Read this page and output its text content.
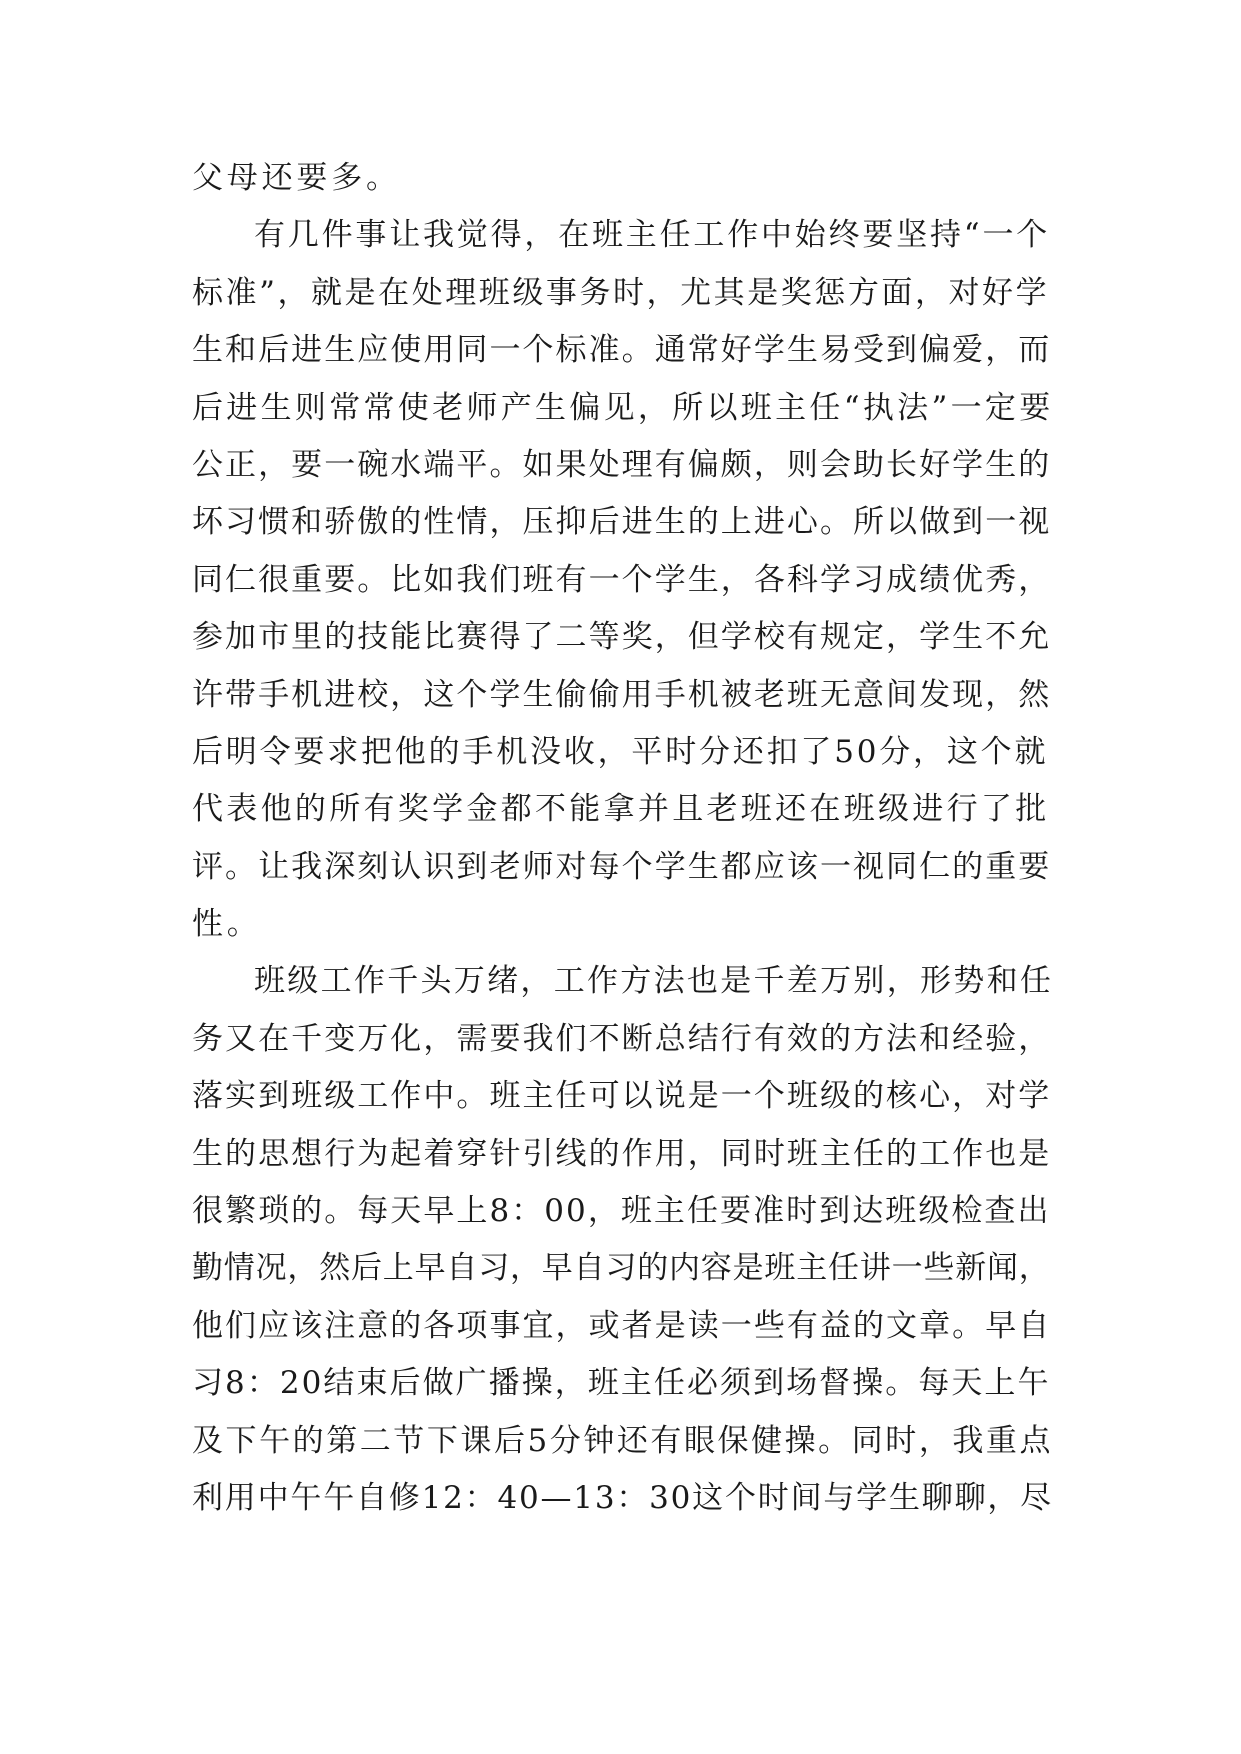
父母还要多。
有几件事让我觉得，在班主任工作中始终要坚持“一个
标准”，就是在处理班级事务时，尤其是奖惩方面，对好学
生和后进生应使用同一个标准。通常好学生易受到偏爱，而
后进生则常常使老师产生偏见，所以班主任“执法”一定要
公正，要一碗水端平。如果处理有偏颇，则会助长好学生的
坏习惯和骄傲的性情，压抑后进生的上进心。所以做到一视
同仁很重要。比如我们班有一个学生，各科学习成绩优秀，
参加市里的技能比赛得了二等奖，但学校有规定，学生不允
许带手机进校，这个学生偷偷用手机被老班无意间发现，然
后明令要求把他的手机没收，平时分还扣了50分，这个就
代表他的所有奖学金都不能拿并且老班还在班级进行了批
评。让我深刻认识到老师对每个学生都应该一视同仁的重要
性。
班级工作千头万绪，工作方法也是千差万别，形势和任
务又在千变万化，需要我们不断总结行有效的方法和经验，
落实到班级工作中。班主任可以说是一个班级的核心，对学
生的思想行为起着穿针引线的作用，同时班主任的工作也是
很繁琐的。每天早上8：00，班主任要准时到达班级检查出
勤情况，然后上早自习，早自习的内容是班主任讲一些新闻，
他们应该注意的各项事宜，或者是读一些有益的文章。早自
习8：20结束后做广播操，班主任必须到场督操。每天上午
及下午的第二节下课后5分钟还有眼保健操。同时，我重点
利用中午午自修12：40—13：30这个时间与学生聊聊，尽
